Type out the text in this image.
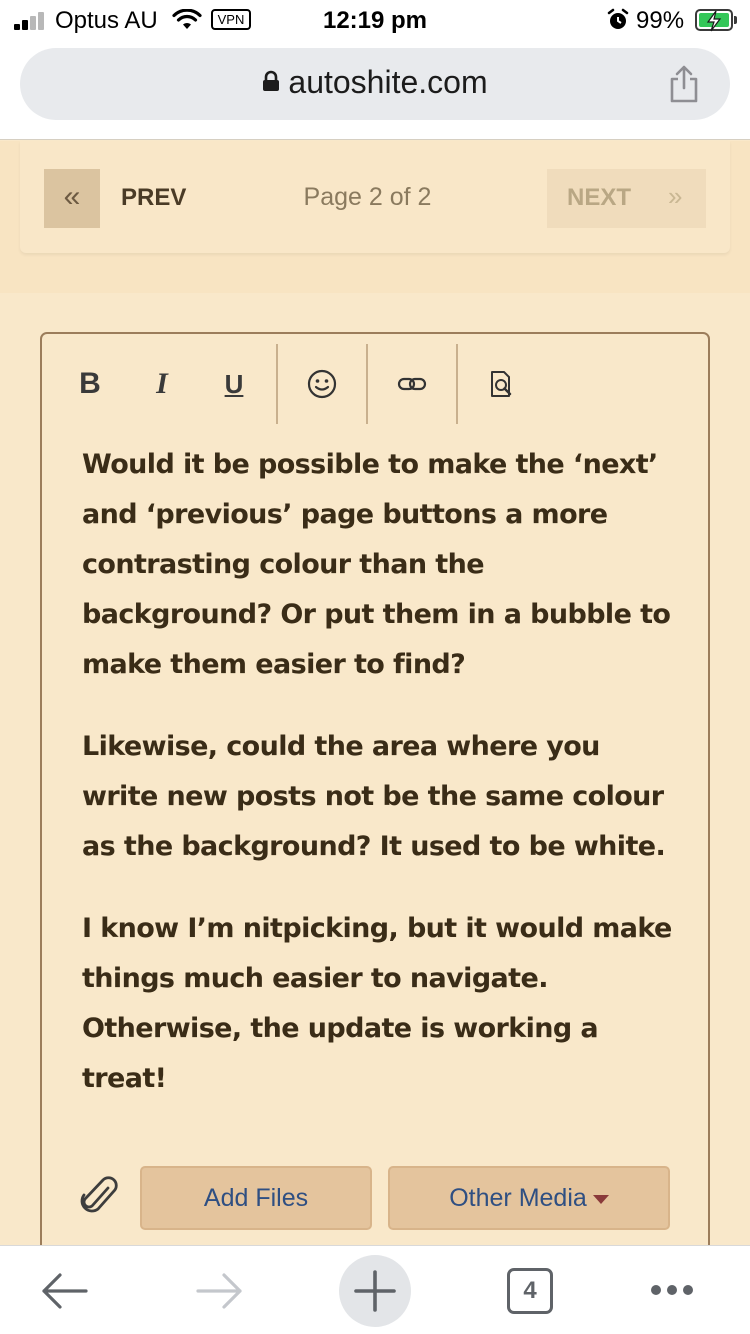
Optus AU	VPN	12:19 pm	99%
autoshite.com
«	PREV	Page 2 of 2	NEXT »
B	I	U

Would it be possible to make the ‘next’ and ‘previous’ page buttons a more contrasting colour than the background? Or put them in a bubble to make them easier to find?

Likewise, could the area where you write new posts not be the same colour as the background? It used to be white.

I know I’m nitpicking, but it would make things much easier to navigate. Otherwise, the update is working a treat!

Add Files	Other Media
4
